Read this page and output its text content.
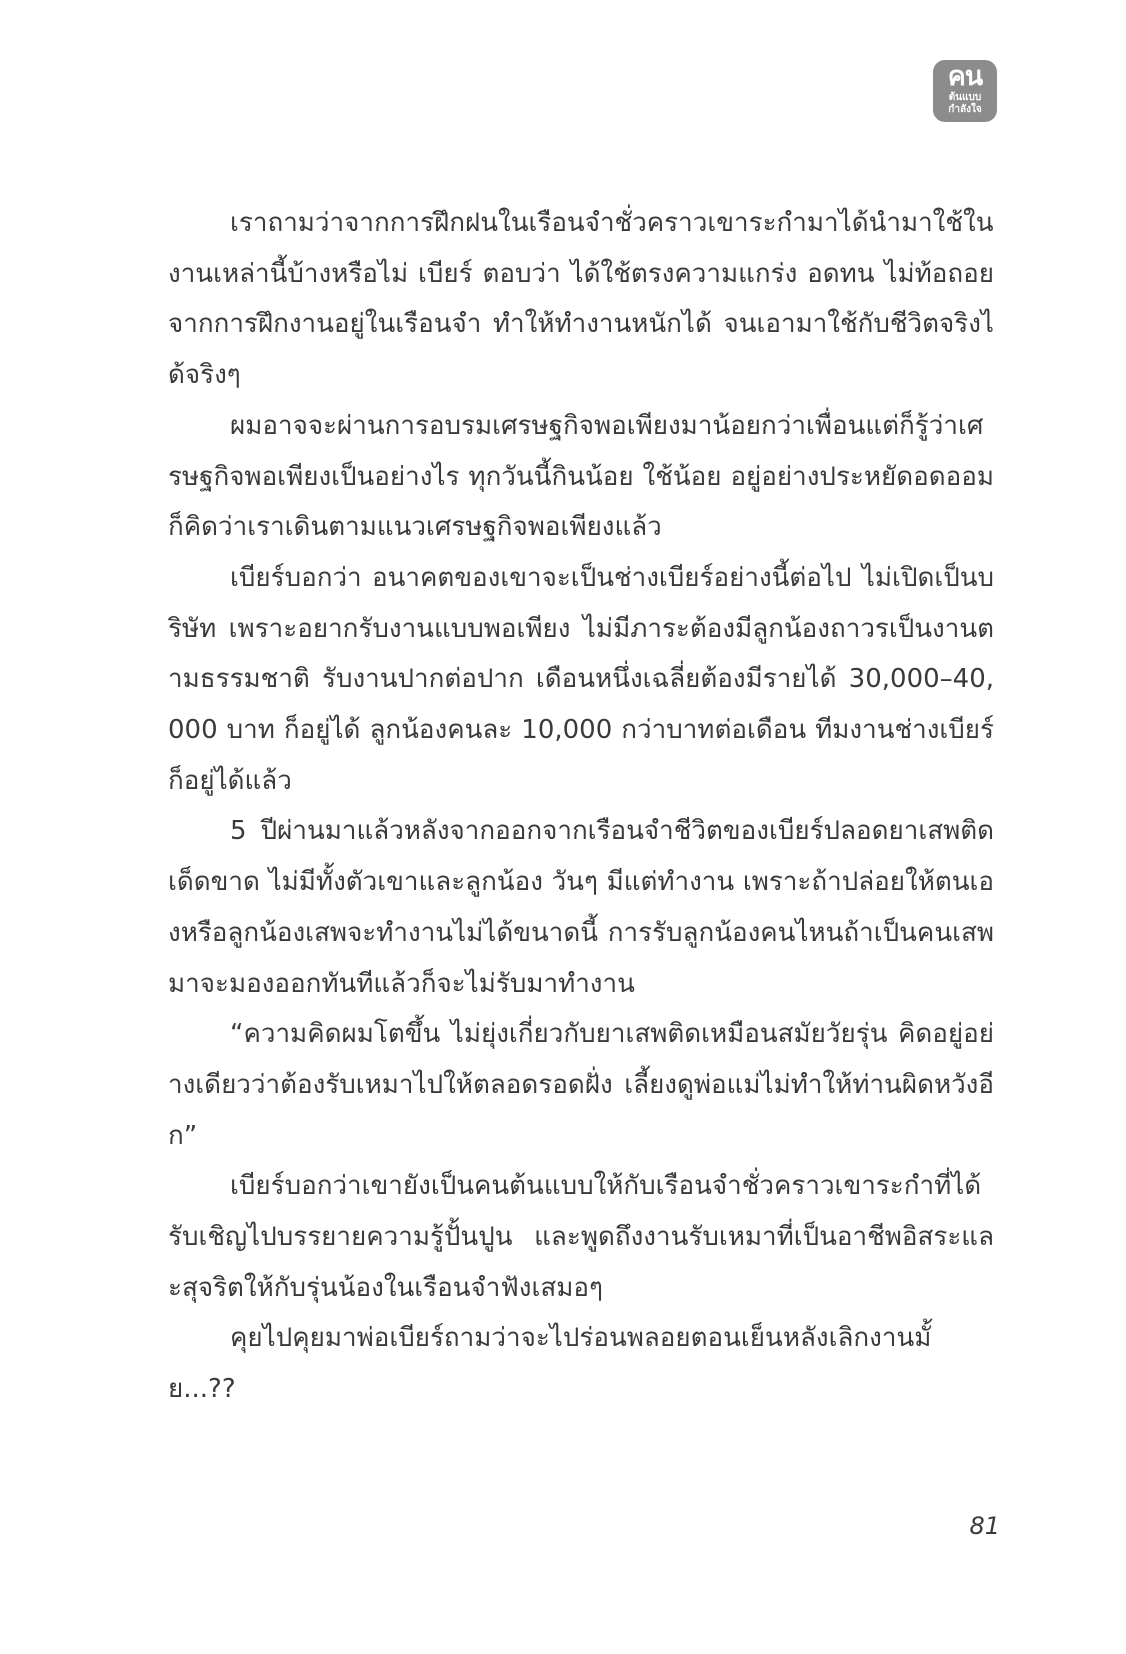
คน
ต้นแบบ
กำลังใจ

เราถามว่าจากการฝึกฝนในเรือนจำชั่วคราวเขาระกำมาได้นำมาใช้ในงานเหล่านี้บ้างหรือไม่ เบียร์ ตอบว่า ได้ใช้ตรงความแกร่ง อดทน ไม่ท้อถอยจากการฝึกงานอยู่ในเรือนจำ ทำให้ทำงานหนักได้ จนเอามาใช้กับชีวิตจริงได้จริงๆ

ผมอาจจะผ่านการอบรมเศรษฐกิจพอเพียงมาน้อยกว่าเพื่อนแต่ก็รู้ว่าเศรษฐกิจพอเพียงเป็นอย่างไร ทุกวันนี้กินน้อย ใช้น้อย อยู่อย่างประหยัดอดออม ก็คิดว่าเราเดินตามแนวเศรษฐกิจพอเพียงแล้ว

เบียร์บอกว่า อนาคตของเขาจะเป็นช่างเบียร์อย่างนี้ต่อไป ไม่เปิดเป็นบริษัท เพราะอยากรับงานแบบพอเพียง ไม่มีภาระต้องมีลูกน้องถาวรเป็นงานตามธรรมชาติ รับงานปากต่อปาก เดือนหนึ่งเฉลี่ยต้องมีรายได้ 30,000–40,000 บาท ก็อยู่ได้ ลูกน้องคนละ 10,000 กว่าบาทต่อเดือน ทีมงานช่างเบียร์ก็อยู่ได้แล้ว

5 ปีผ่านมาแล้วหลังจากออกจากเรือนจำชีวิตของเบียร์ปลอดยาเสพติดเด็ดขาด ไม่มีทั้งตัวเขาและลูกน้อง วันๆ มีแต่ทำงาน เพราะถ้าปล่อยให้ตนเองหรือลูกน้องเสพจะทำงานไม่ได้ขนาดนี้ การรับลูกน้องคนไหนถ้าเป็นคนเสพมาจะมองออกทันทีแล้วก็จะไม่รับมาทำงาน

“ความคิดผมโตขึ้น ไม่ยุ่งเกี่ยวกับยาเสพติดเหมือนสมัยวัยรุ่น คิดอยู่อย่างเดียวว่าต้องรับเหมาไปให้ตลอดรอดฝั่ง เลี้ยงดูพ่อแม่ไม่ทำให้ท่านผิดหวังอีก”

เบียร์บอกว่าเขายังเป็นคนต้นแบบให้กับเรือนจำชั่วคราวเขาระกำที่ได้รับเชิญไปบรรยายความรู้ปั้นปูน และพูดถึงงานรับเหมาที่เป็นอาชีพอิสระและสุจริตให้กับรุ่นน้องในเรือนจำฟังเสมอๆ

คุยไปคุยมาพ่อเบียร์ถามว่าจะไปร่อนพลอยตอนเย็นหลังเลิกงานมั้ย...??

81
